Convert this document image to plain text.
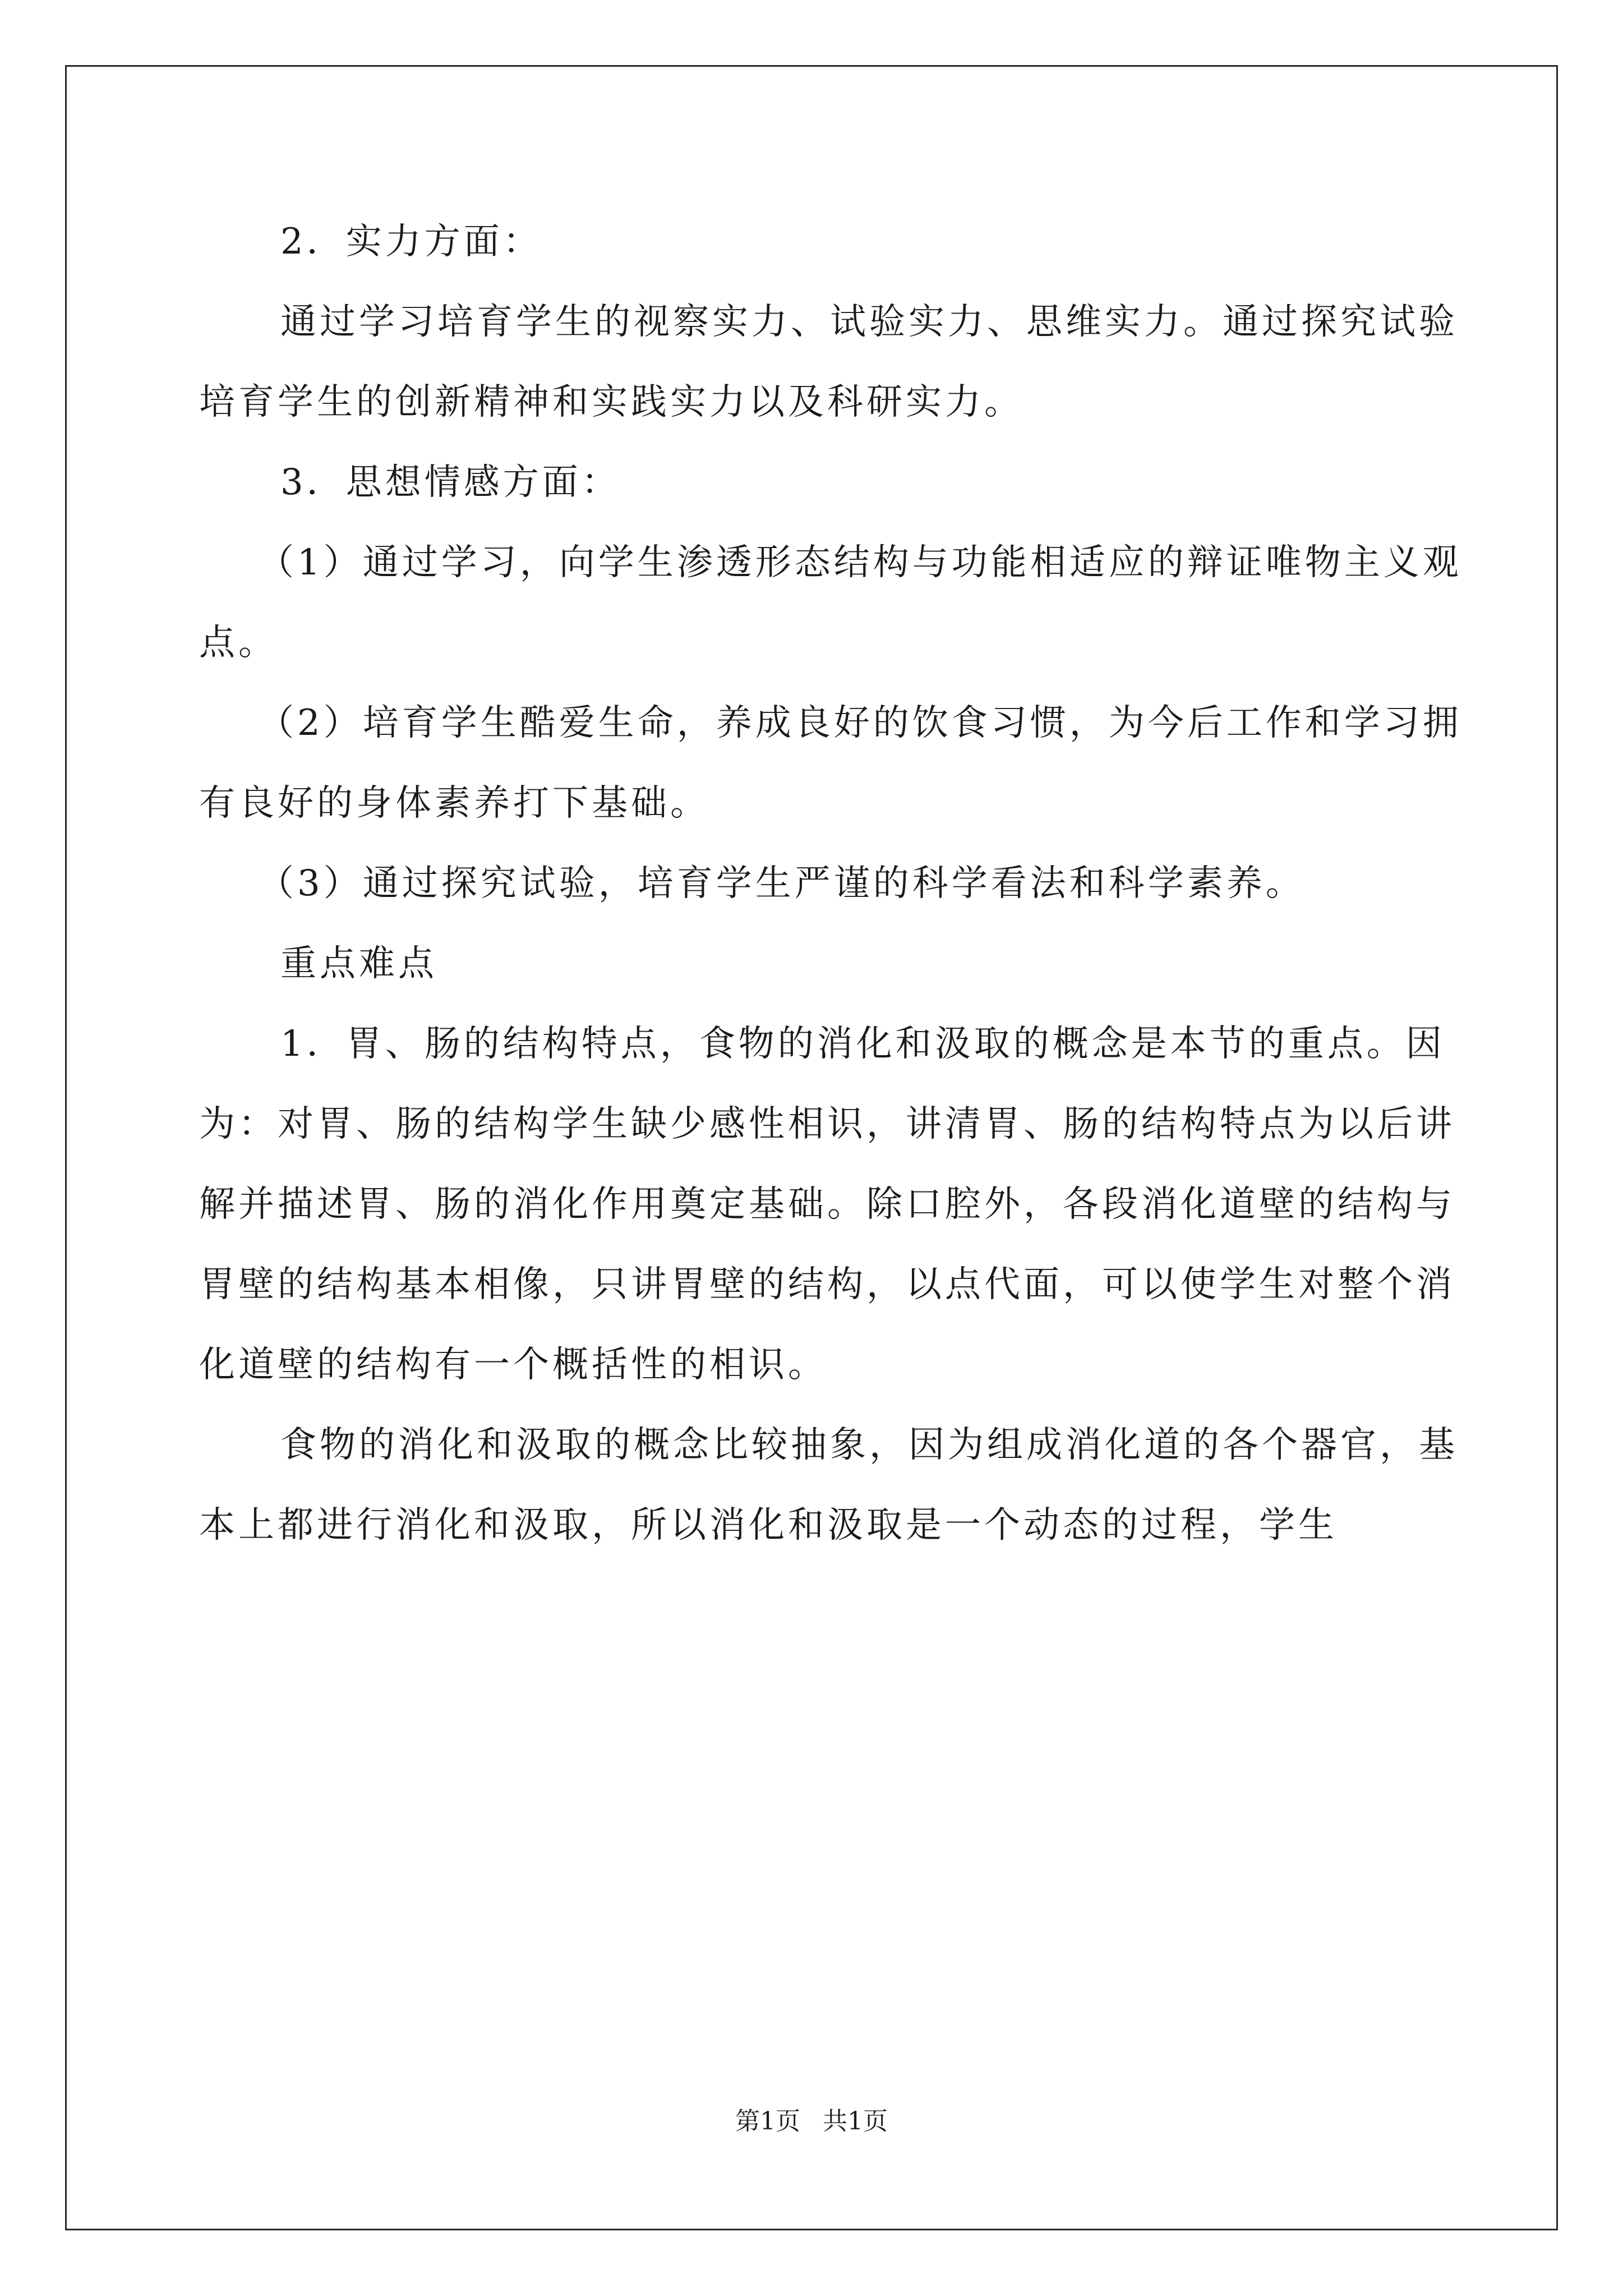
2．实力方面：

通过学习培育学生的视察实力、试验实力、思维实力。通过探究试验培育学生的创新精神和实践实力以及科研实力。

3．思想情感方面：

（1）通过学习，向学生渗透形态结构与功能相适应的辩证唯物主义观点。

（2）培育学生酷爱生命，养成良好的饮食习惯，为今后工作和学习拥有良好的身体素养打下基础。

（3）通过探究试验，培育学生严谨的科学看法和科学素养。

重点难点

1．胃、肠的结构特点，食物的消化和汲取的概念是本节的重点。因为：对胃、肠的结构学生缺少感性相识，讲清胃、肠的结构特点为以后讲解并描述胃、肠的消化作用奠定基础。除口腔外，各段消化道壁的结构与胃壁的结构基本相像，只讲胃壁的结构，以点代面，可以使学生对整个消化道壁的结构有一个概括性的相识。

食物的消化和汲取的概念比较抽象，因为组成消化道的各个器官，基本上都进行消化和汲取，所以消化和汲取是一个动态的过程，学生

第1页 共1页
